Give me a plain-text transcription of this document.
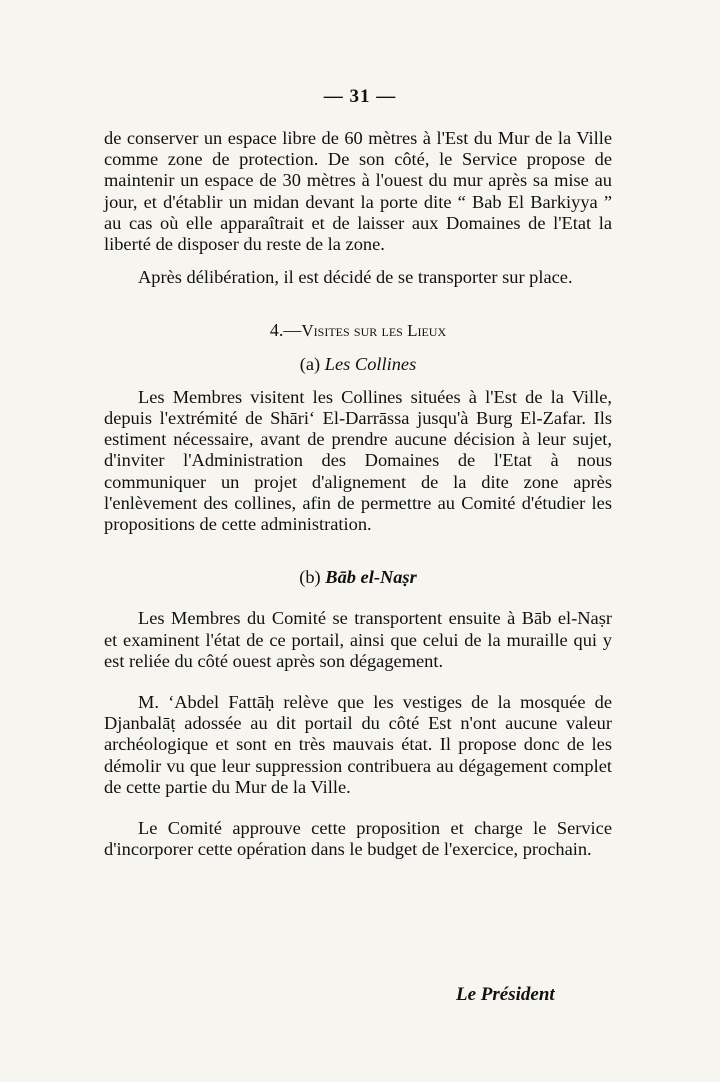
— 31 —

de conserver un espace libre de 60 mètres à l'Est du Mur de la Ville comme zone de protection. De son côté, le Service propose de maintenir un espace de 30 mètres à l'ouest du mur après sa mise au jour, et d'établir un midan devant la porte dite “ Bab El Barkiyya ” au cas où elle apparaîtrait et de laisser aux Domaines de l'Etat la liberté de disposer du reste de la zone.

Après délibération, il est décidé de se transporter sur place.

4.—Visites sur les Lieux

(a) Les Collines

Les Membres visitent les Collines situées à l'Est de la Ville, depuis l'extrémité de Shāri‘ El-Darrāssa jusqu'à Burg El-Zafar. Ils estiment nécessaire, avant de prendre aucune décision à leur sujet, d'inviter l'Administration des Domaines de l'Etat à nous communiquer un projet d'alignement de la dite zone après l'enlèvement des collines, afin de permettre au Comité d'étudier les propositions de cette administration.

(b) Bāb el-Naṣr

Les Membres du Comité se transportent ensuite à Bāb el-Naṣr et examinent l'état de ce portail, ainsi que celui de la muraille qui y est reliée du côté ouest après son dégagement.

M. ‘Abdel Fattāḥ relève que les vestiges de la mosquée de Djanbalāṭ adossée au dit portail du côté Est n'ont aucune valeur archéologique et sont en très mauvais état. Il propose donc de les démolir vu que leur suppression contribuera au dégagement complet de cette partie du Mur de la Ville.

Le Comité approuve cette proposition et charge le Service d'incorporer cette opération dans le budget de l'exercice, prochain.

Le Président
